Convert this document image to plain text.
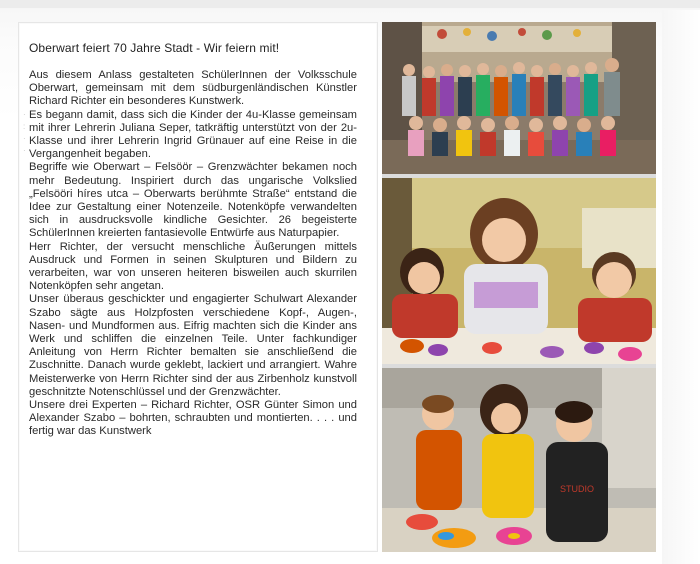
·
:
·
·
Oberwart feiert 70 Jahre Stadt - Wir feiern mit!

Aus diesem Anlass gestalteten SchülerInnen der Volksschule Oberwart, gemeinsam mit dem südburgenländischen Künstler Richard Richter ein besonderes Kunstwerk.

Es begann damit, dass sich die Kinder der 4u-Klasse gemeinsam mit ihrer Lehrerin Juliana Seper, tatkräftig unterstützt von der 2u-Klasse und ihrer Lehrerin Ingrid Grünauer auf eine Reise in die Vergangenheit begaben.

Begriffe wie Oberwart – Felsöör – Grenzwächter bekamen noch mehr Bedeutung. Inspiriert durch das ungarische Volkslied „Felsööri híres utca – Oberwarts berühmte Straße“ entstand die Idee zur Gestaltung einer Notenzeile. Notenköpfe verwandelten sich in ausdrucksvolle kindliche Gesichter. 26 begeisterte SchülerInnen kreierten fantasievolle Entwürfe aus Naturpapier.

Herr Richter, der versucht menschliche Äußerungen mittels Ausdruck und Formen in seinen Skulpturen und Bildern zu verarbeiten, war von unseren heiteren bisweilen auch skurrilen Notenköpfen sehr angetan.

Unser überaus geschickter und engagierter Schulwart Alexander Szabo sägte aus Holzpfosten verschiedene Kopf-, Augen-, Nasen- und Mundformen aus. Eifrig machten sich die Kinder ans Werk und schliffen die einzelnen Teile. Unter fachkundiger Anleitung von Herrn Richter bemalten sie anschließend die Zuschnitte. Danach wurde geklebt, lackiert und arrangiert. Wahre Meisterwerke von Herrn Richter sind der aus Zirbenholz kunstvoll geschnitzte Notenschlüssel und der Grenzwächter.

Unsere drei Experten – Richard Richter, OSR Günter Simon und Alexander Szabo – bohrten, schraubten und montierten. . . . und fertig war das Kunstwerk

STUDIO
